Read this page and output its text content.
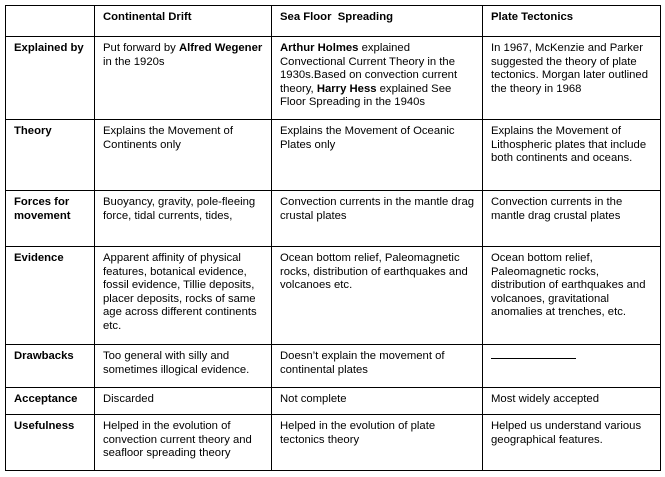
	Continental Drift	Sea Floor  Spreading	Plate Tectonics
Explained by	Put forward by Alfred Wegener in the 1920s	Arthur Holmes explained Convectional Current Theory in the 1930s.Based on convection current theory, Harry Hess explained See Floor Spreading in the 1940s	In 1967, McKenzie and Parker suggested the theory of plate tectonics. Morgan later outlined the theory in 1968
Theory	Explains the Movement of Continents only	Explains the Movement of Oceanic Plates only	Explains the Movement of Lithospheric plates that include both continents and oceans.
Forces for movement	Buoyancy, gravity, pole-fleeing force, tidal currents, tides,	Convection currents in the mantle drag crustal plates	Convection currents in the mantle drag crustal plates
Evidence	Apparent affinity of physical features, botanical evidence, fossil evidence, Tillie deposits, placer deposits, rocks of same age across different continents etc.	Ocean bottom relief, Paleomagnetic rocks, distribution of earthquakes and volcanoes etc.	Ocean bottom relief, Paleomagnetic rocks, distribution of earthquakes and volcanoes, gravitational anomalies at trenches, etc.
Drawbacks	Too general with silly and sometimes illogical evidence.	Doesn’t explain the movement of continental plates	
Acceptance	Discarded	Not complete	Most widely accepted
Usefulness	Helped in the evolution of convection current theory and seafloor spreading theory	Helped in the evolution of plate tectonics theory	Helped us understand various geographical features.
